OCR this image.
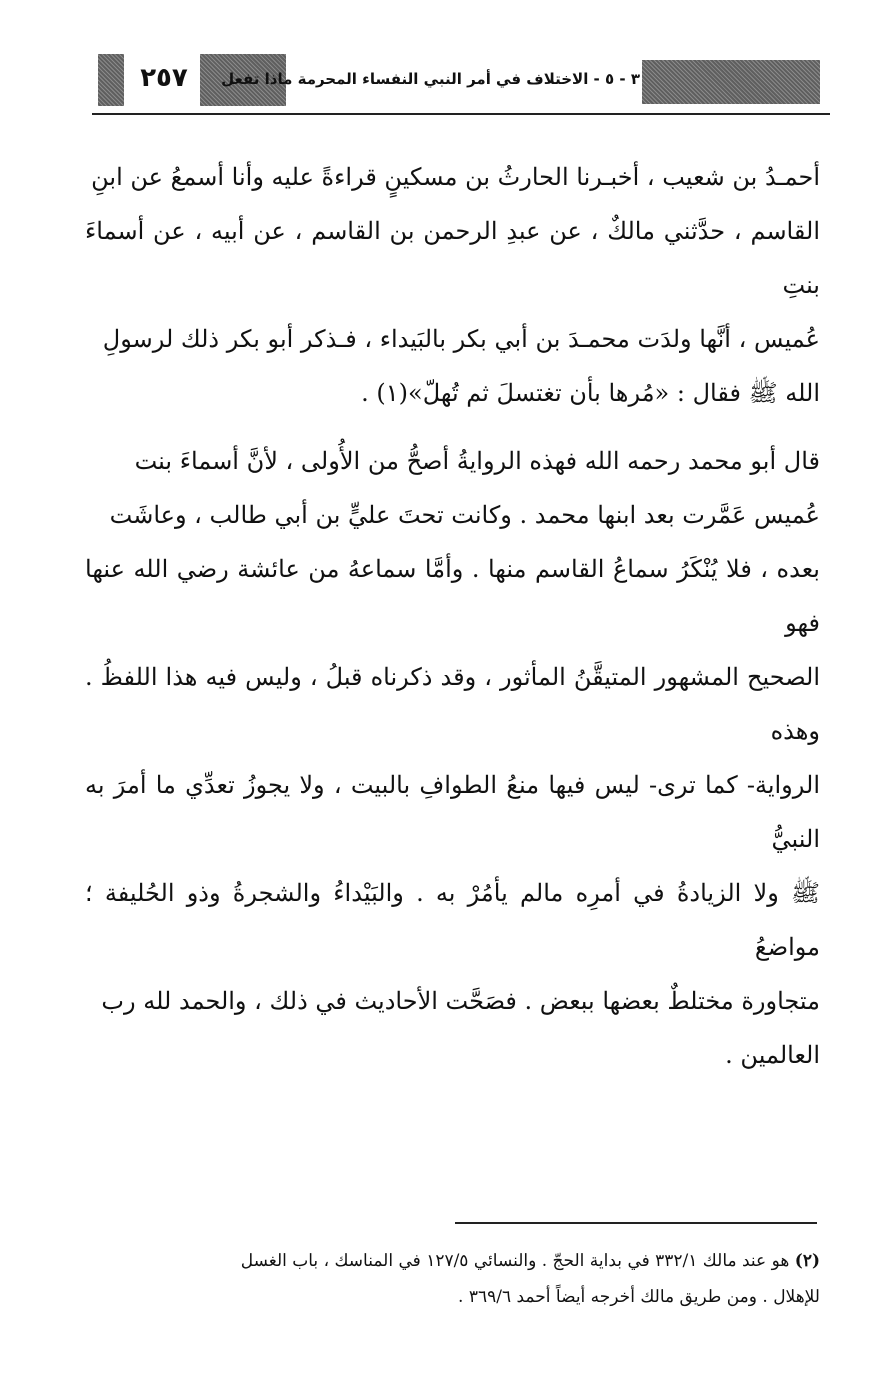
٢٥٧	٣ - ٥ - الاختلاف في أمر النبي النفساء المحرمة ماذا تفعل

أحمـدُ بن شعيب ، أخبـرنا الحارثُ بن مسكينٍ قراءةً عليه وأنا أسمعُ عن ابنِ

القاسم ، حدَّثني مالكٌ ، عن عبدِ الرحمن بن القاسم ، عن أبيه ، عن أسماءَ بنتِ

عُميس ، أنَّها ولدَت محمـدَ بن أبي بكر بالبَيداء ، فـذكر أبو بكر ذلك لرسولِ

الله ﷺ فقال : «مُرها بأن تغتسلَ ثم تُهلّ»(١) .

قال أبو محمد رحمه الله فهذه الروايةُ أصحُّ من الأُولى ، لأنَّ أسماءَ بنت

عُميس عَمَّرت بعد ابنها محمد . وكانت تحتَ عليٍّ بن أبي طالب ، وعاشَت

بعده ، فلا يُنْكَرُ سماعُ القاسم منها . وأمَّا سماعهُ من عائشة رضي الله عنها فهو

الصحيح المشهور المتيقَّنُ المأثور ، وقد ذكرناه قبلُ ، وليس فيه هذا اللفظُ . وهذه

الرواية- كما ترى- ليس فيها منعُ الطوافِ بالبيت ، ولا يجوزُ تعدِّي ما أمرَ به النبيُّ

ﷺ ولا الزيادةُ في أمرِه مالم يأمُرْ به . والبَيْداءُ والشجرةُ وذو الحُليفة ؛ مواضعُ

متجاورة مختلطٌ بعضها ببعض . فصَحَّت الأحاديث في ذلك ، والحمد لله رب

العالمين .

(٢) هو عند مالك ٣٣٢/١ في بداية الحجّ . والنسائي ١٢٧/٥ في المناسك ، باب الغسل

للإهلال . ومن طريق مالك أخرجه أيضاً أحمد ٣٦٩/٦ .
